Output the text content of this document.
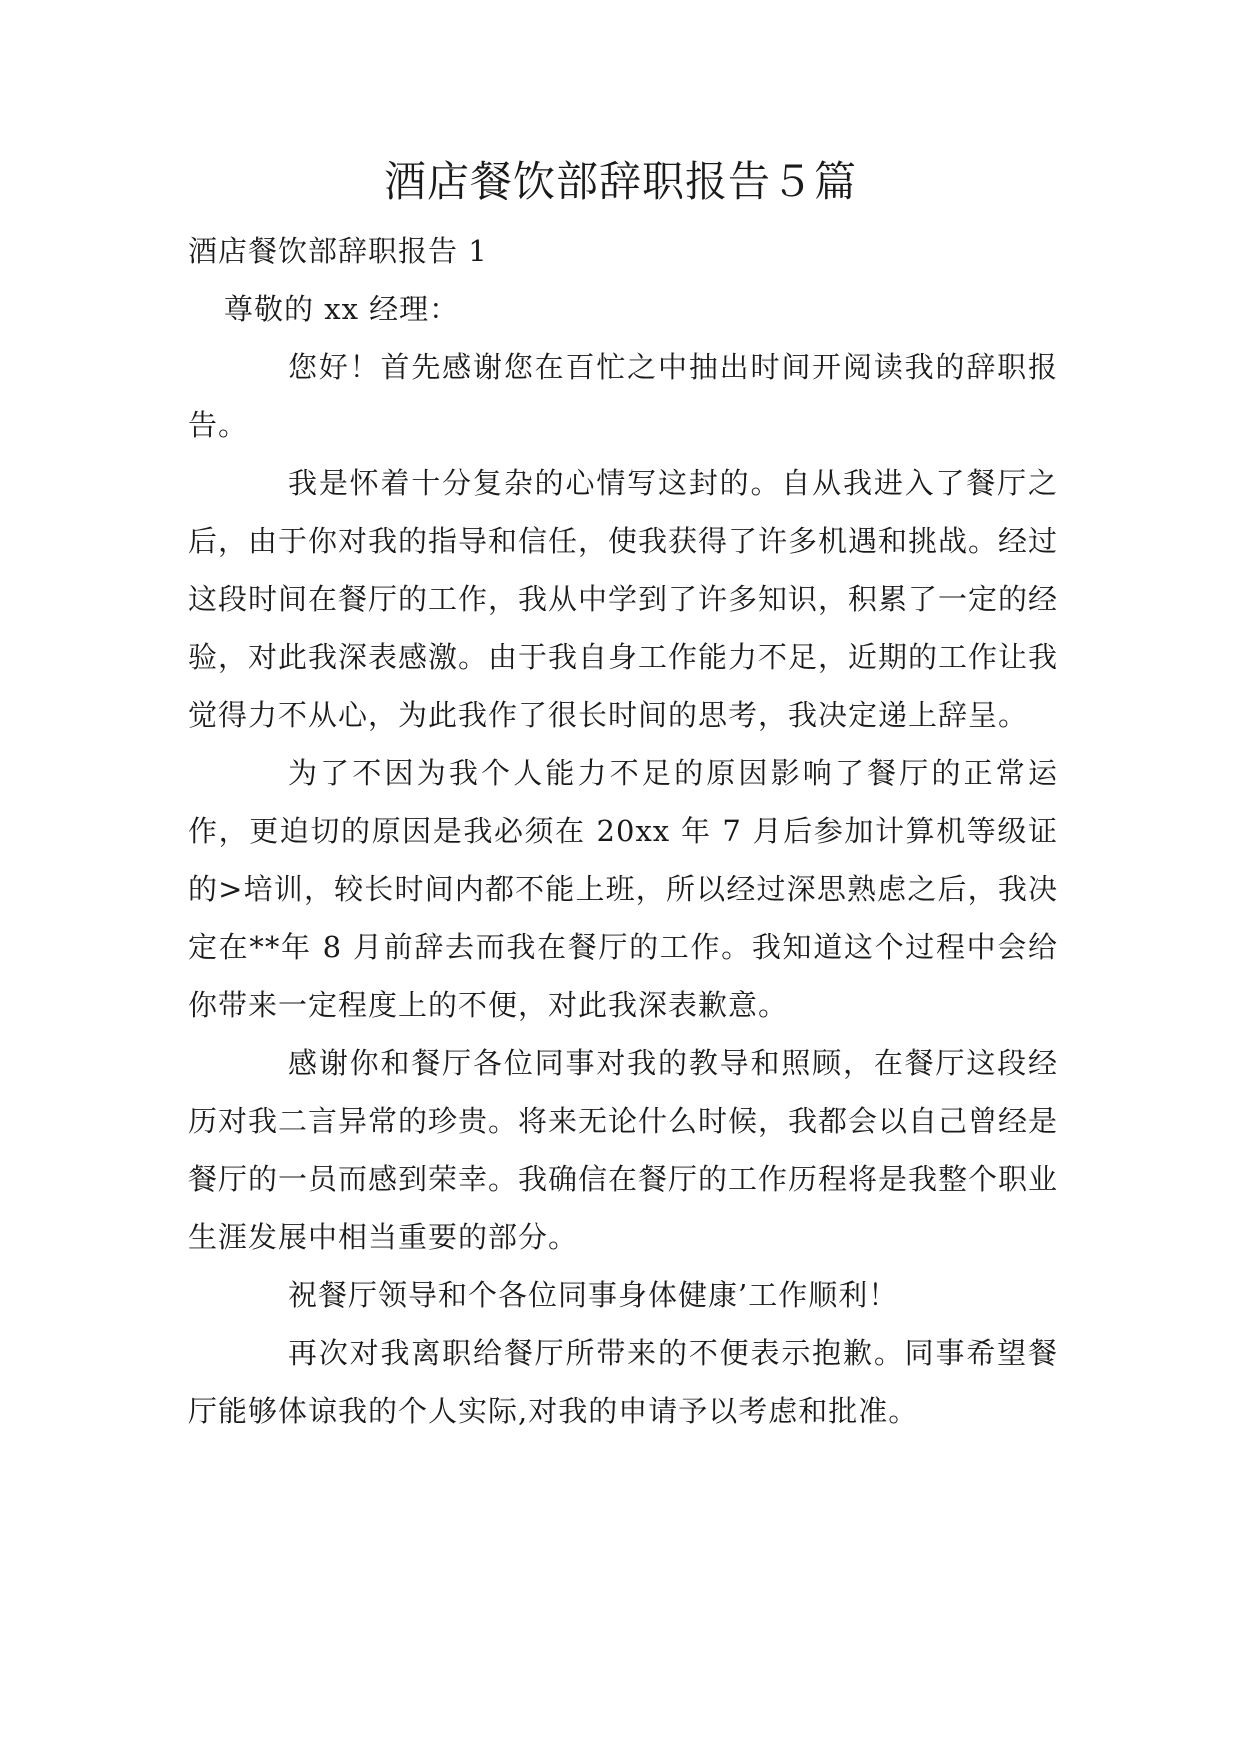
酒店餐饮部辞职报告５篇

酒店餐饮部辞职报告 1

尊敬的 xx 经理：

您好！首先感谢您在百忙之中抽出时间开阅读我的辞职报告。

我是怀着十分复杂的心情写这封的。自从我进入了餐厅之后，由于你对我的指导和信任，使我获得了许多机遇和挑战。经过这段时间在餐厅的工作，我从中学到了许多知识，积累了一定的经验，对此我深表感激。由于我自身工作能力不足，近期的工作让我觉得力不从心，为此我作了很长时间的思考，我决定递上辞呈。

为了不因为我个人能力不足的原因影响了餐厅的正常运作，更迫切的原因是我必须在 20xx 年 7 月后参加计算机等级证的>培训，较长时间内都不能上班，所以经过深思熟虑之后，我决定在**年 8 月前辞去而我在餐厅的工作。我知道这个过程中会给你带来一定程度上的不便，对此我深表歉意。

感谢你和餐厅各位同事对我的教导和照顾，在餐厅这段经历对我二言异常的珍贵。将来无论什么时候，我都会以自己曾经是餐厅的一员而感到荣幸。我确信在餐厅的工作历程将是我整个职业生涯发展中相当重要的部分。

祝餐厅领导和个各位同事身体健康’工作顺利！

再次对我离职给餐厅所带来的不便表示抱歉。同事希望餐厅能够体谅我的个人实际,对我的申请予以考虑和批准。
